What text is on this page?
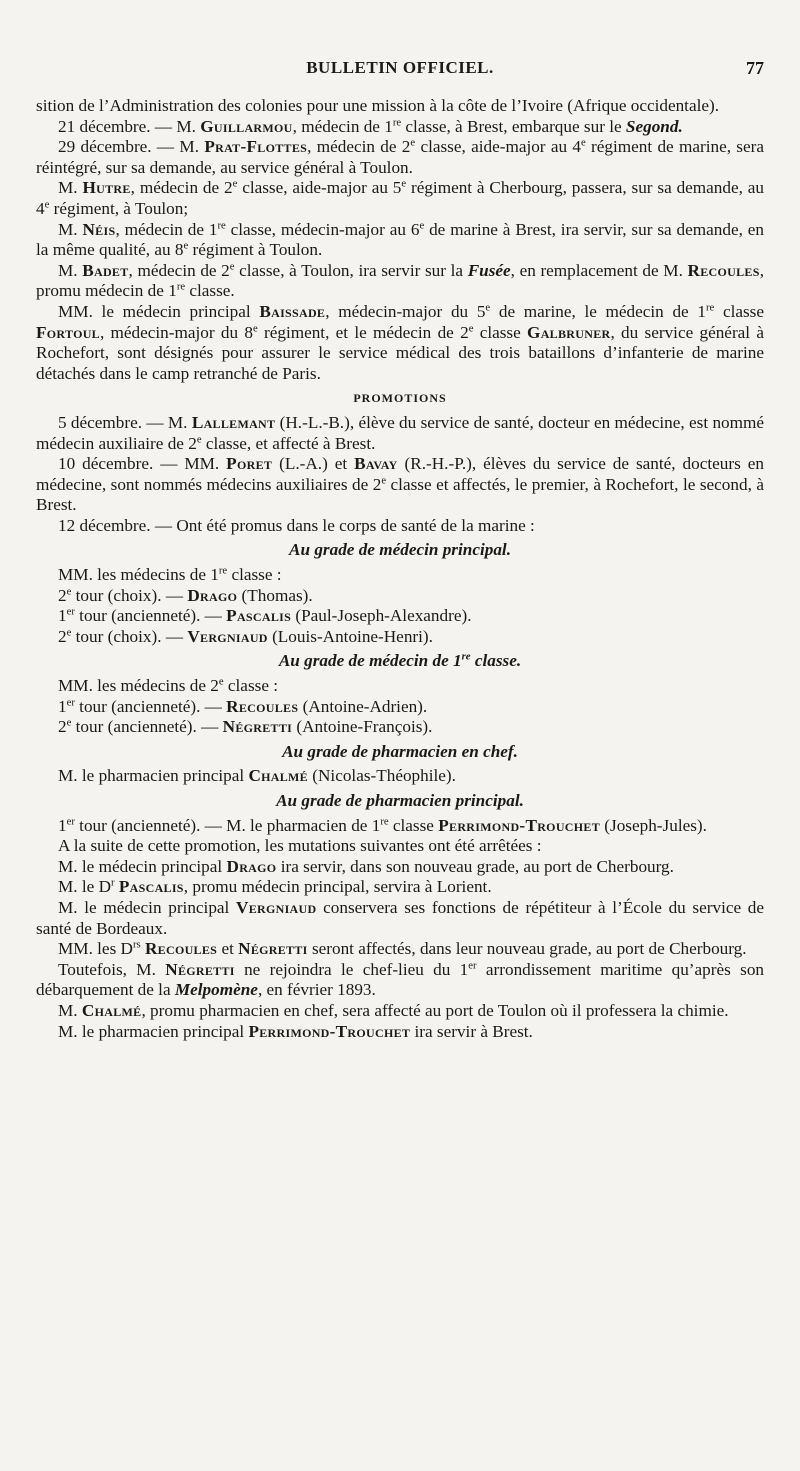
BULLETIN OFFICIEL.	77

sition de l’Administration des colonies pour une mission à la côte de l’Ivoire (Afrique occidentale).

21 décembre. — M. Guillarmou, médecin de 1re classe, à Brest, embarque sur le Segond.

29 décembre. — M. Prat-Flottes, médecin de 2e classe, aide-major au 4e régiment de marine, sera réintégré, sur sa demande, au service général à Toulon.

M. Hutre, médecin de 2e classe, aide-major au 5e régiment à Cherbourg, passera, sur sa demande, au 4e régiment, à Toulon;

M. Néis, médecin de 1re classe, médecin-major au 6e de marine à Brest, ira servir, sur sa demande, en la même qualité, au 8e régiment à Toulon.

M. Badet, médecin de 2e classe, à Toulon, ira servir sur la Fusée, en remplacement de M. Recoules, promu médecin de 1re classe.

MM. le médecin principal Baissade, médecin-major du 5e de marine, le médecin de 1re classe Fortoul, médecin-major du 8e régiment, et le médecin de 2e classe Galbruner, du service général à Rochefort, sont désignés pour assurer le service médical des trois bataillons d’infanterie de marine détachés dans le camp retranché de Paris.

PROMOTIONS

5 décembre. — M. Lallemant (H.-L.-B.), élève du service de santé, docteur en médecine, est nommé médecin auxiliaire de 2e classe, et affecté à Brest.

10 décembre. — MM. Poret (L.-A.) et Bavay (R.-H.-P.), élèves du service de santé, docteurs en médecine, sont nommés médecins auxiliaires de 2e classe et affectés, le premier, à Rochefort, le second, à Brest.

12 décembre. — Ont été promus dans le corps de santé de la marine :

Au grade de médecin principal.

MM. les médecins de 1re classe :

2e tour (choix). — Drago (Thomas).

1er tour (ancienneté). — Pascalis (Paul-Joseph-Alexandre).

2e tour (choix). — Vergniaud (Louis-Antoine-Henri).

Au grade de médecin de 1re classe.

MM. les médecins de 2e classe :

1er tour (ancienneté). — Recoules (Antoine-Adrien).

2e tour (ancienneté). — Négretti (Antoine-François).

Au grade de pharmacien en chef.

M. le pharmacien principal Chalmé (Nicolas-Théophile).

Au grade de pharmacien principal.

1er tour (ancienneté). — M. le pharmacien de 1re classe Perrimond-Trouchet (Joseph-Jules).

A la suite de cette promotion, les mutations suivantes ont été arrêtées :

M. le médecin principal Drago ira servir, dans son nouveau grade, au port de Cherbourg.

M. le $D^r$ Pascalis, promu médecin principal, servira à Lorient.

M. le médecin principal Vergniaud conservera ses fonctions de répétiteur à l’École du service de santé de Bordeaux.

MM. les $D^{rs}$ Recoules et Négretti seront affectés, dans leur nouveau grade, au port de Cherbourg.

Toutefois, M. Négretti ne rejoindra le chef-lieu du 1er arrondissement maritime qu’après son débarquement de la Melpomène, en février 1893.

M. Chalmé, promu pharmacien en chef, sera affecté au port de Toulon où il professera la chimie.

M. le pharmacien principal Perrimond-Trouchet ira servir à Brest.
